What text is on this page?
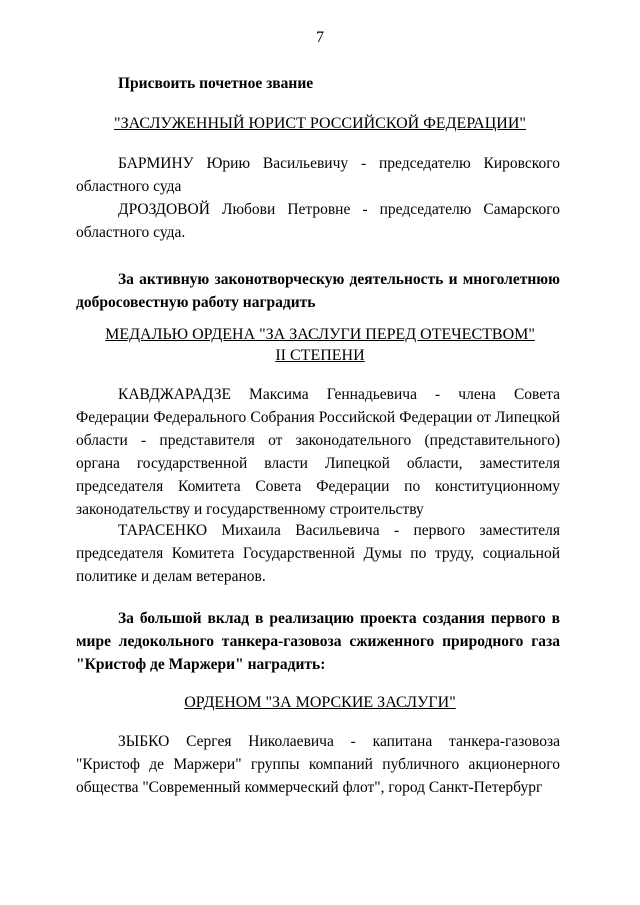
7

Присвоить почетное звание

"ЗАСЛУЖЕННЫЙ ЮРИСТ РОССИЙСКОЙ ФЕДЕРАЦИИ"

БАРМИНУ Юрию Васильевичу - председателю Кировского областного суда

ДРОЗДОВОЙ Любови Петровне - председателю Самарского областного суда.

За активную законотворческую деятельность и многолетнюю добросовестную работу наградить

МЕДАЛЬЮ ОРДЕНА "ЗА ЗАСЛУГИ ПЕРЕД ОТЕЧЕСТВОМ"
II СТЕПЕНИ

КАВДЖАРАДЗЕ Максима Геннадьевича - члена Совета Федерации Федерального Собрания Российской Федерации от Липецкой области - представителя от законодательного (представительного) органа государственной власти Липецкой области, заместителя председателя Комитета Совета Федерации по конституционному законодательству и государственному строительству

ТАРАСЕНКО Михаила Васильевича - первого заместителя председателя Комитета Государственной Думы по труду, социальной политике и делам ветеранов.

За большой вклад в реализацию проекта создания первого в мире ледокольного танкера-газовоза сжиженного природного газа "Кристоф де Маржери" наградить:

ОРДЕНОМ "ЗА МОРСКИЕ ЗАСЛУГИ"

ЗЫБКО Сергея Николаевича - капитана танкера-газовоза "Кристоф де Маржери" группы компаний публичного акционерного общества "Современный коммерческий флот", город Санкт-Петербург
